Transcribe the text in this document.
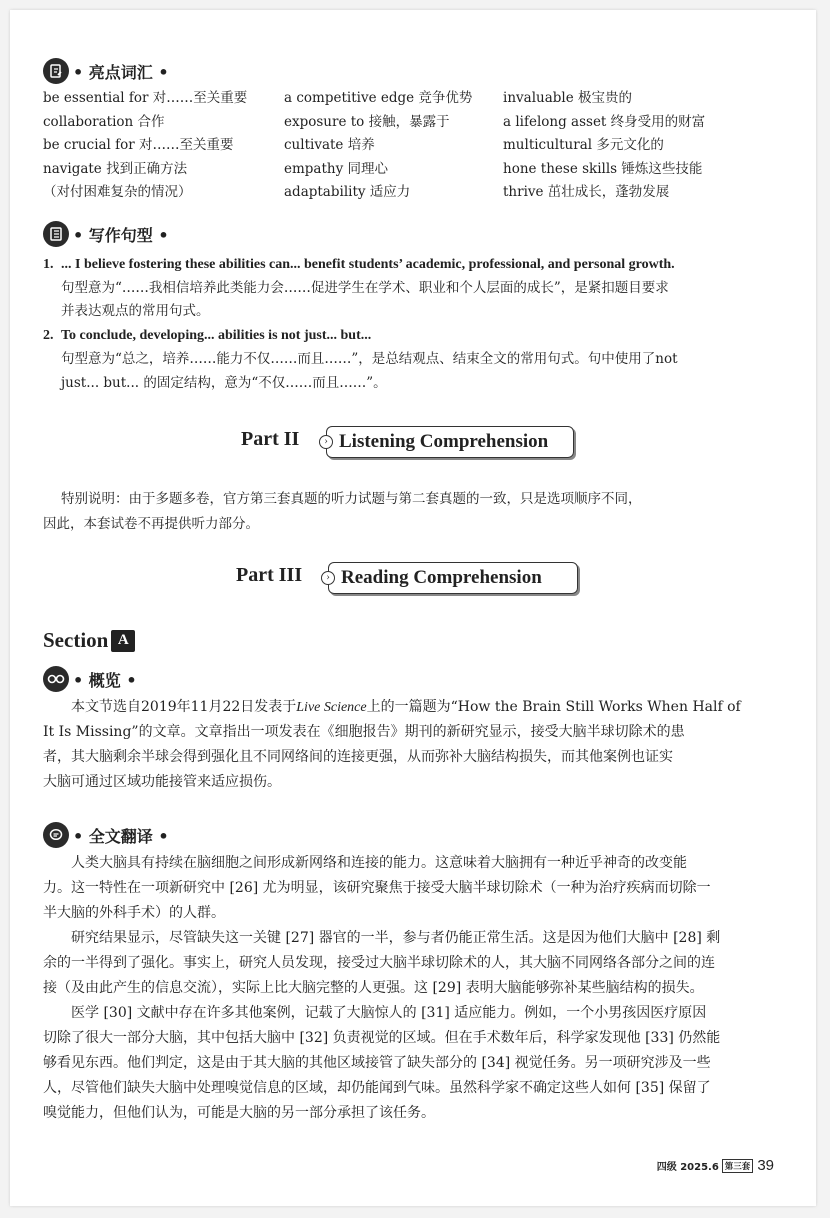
• 亮点词汇 •
be essential for 对……至关重要
collaboration 合作
be crucial for 对……至关重要
navigate 找到正确方法
（对付困难复杂的情况）
a competitive edge 竞争优势
exposure to 接触，暴露于
cultivate 培养
empathy 同理心
adaptability 适应力
invaluable 极宝贵的
a lifelong asset 终身受用的财富
multicultural 多元文化的
hone these skills 锤炼这些技能
thrive 茁壮成长，蓬勃发展
• 写作句型 •
1. ... I believe fostering these abilities can... benefit students’ academic, professional, and personal growth.
句型意为“……我相信培养此类能力会……促进学生在学术、职业和个人层面的成长”，是紧扣题目要求
并表达观点的常用句式。
2. To conclude, developing... abilities is not just... but...
句型意为“总之，培养……能力不仅……而且……”，是总结观点、结束全文的常用句式。句中使用了not
just... but... 的固定结构，意为“不仅……而且……”。
Part II Listening Comprehension
›
特别说明：由于多题多卷，官方第三套真题的听力试题与第二套真题的一致，只是选项顺序不同，
因此，本套试卷不再提供听力部分。
Part III Reading Comprehension
›
Section A
• 概览 •
本文节选自2019年11月22日发表于Live Science上的一篇题为“How the Brain Still Works When Half of
It Is Missing”的文章。文章指出一项发表在《细胞报告》期刊的新研究显示，接受大脑半球切除术的患
者，其大脑剩余半球会得到强化且不同网络间的连接更强，从而弥补大脑结构损失，而其他案例也证实
大脑可通过区域功能接管来适应损伤。
• 全文翻译 •
人类大脑具有持续在脑细胞之间形成新网络和连接的能力。这意味着大脑拥有一种近乎神奇的改变能
力。这一特性在一项新研究中 [26] 尤为明显，该研究聚焦于接受大脑半球切除术（一种为治疗疾病而切除一
半大脑的外科手术）的人群。
研究结果显示，尽管缺失这一关键 [27] 器官的一半，参与者仍能正常生活。这是因为他们大脑中 [28] 剩
余的一半得到了强化。事实上，研究人员发现，接受过大脑半球切除术的人，其大脑不同网络各部分之间的连
接（及由此产生的信息交流），实际上比大脑完整的人更强。这 [29] 表明大脑能够弥补某些脑结构的损失。
医学 [30] 文献中存在许多其他案例，记载了大脑惊人的 [31] 适应能力。例如，一个小男孩因医疗原因
切除了很大一部分大脑，其中包括大脑中 [32] 负责视觉的区域。但在手术数年后，科学家发现他 [33] 仍然能
够看见东西。他们判定，这是由于其大脑的其他区域接管了缺失部分的 [34] 视觉任务。另一项研究涉及一些
人，尽管他们缺失大脑中处理嗅觉信息的区域，却仍能闻到气味。虽然科学家不确定这些人如何 [35] 保留了
嗅觉能力，但他们认为，可能是大脑的另一部分承担了该任务。
四级 2025.6 第三套 39
